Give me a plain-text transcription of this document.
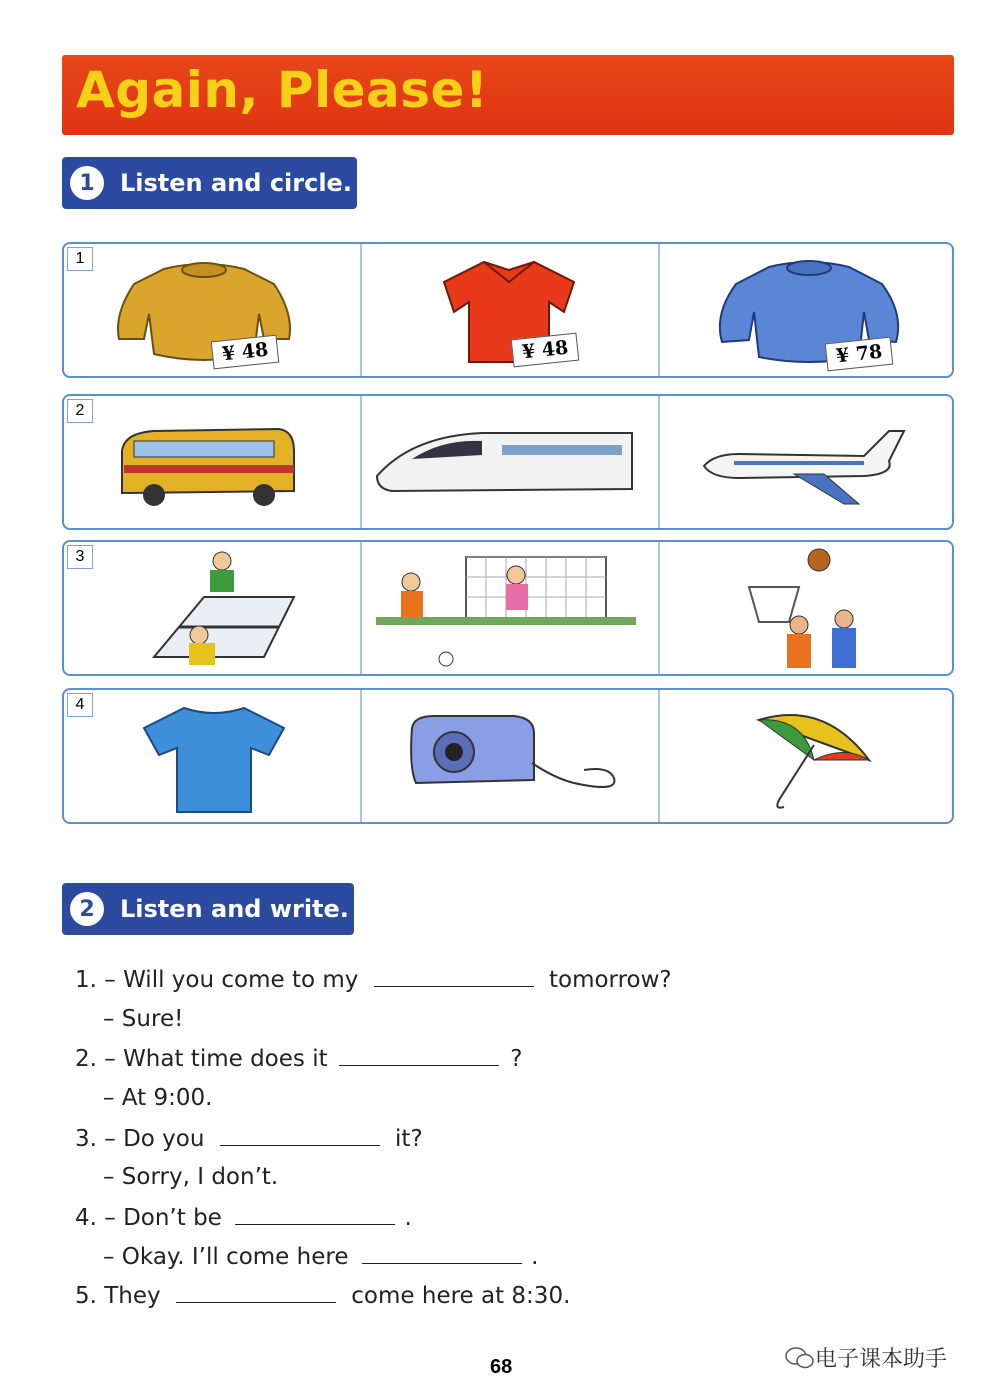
Again, Please!
1	Listen and circle.
1
¥ 48	¥ 48	¥ 78
2
3
4
2	Listen and write.
1. – Will you come to my	tomorrow?
– Sure!
2. – What time does it	?
– At 9:00.
3. – Do you	it?
– Sorry, I don’t.
4. – Don’t be	.
– Okay. I’ll come here	.
5. They	come here at 8:30.
68	电子课本助手
